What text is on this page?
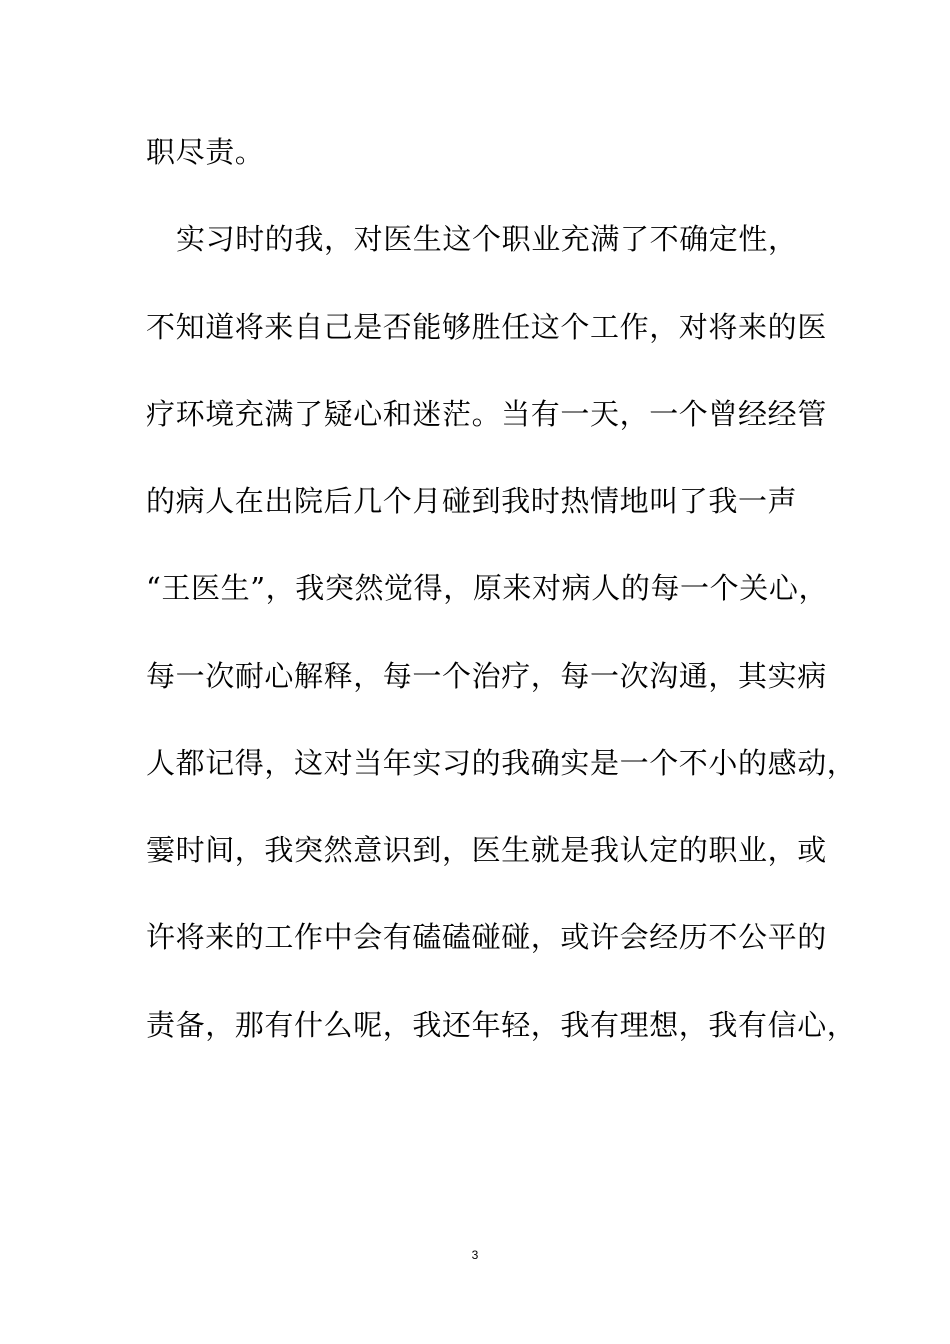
职尽责。
实习时的我，对医生这个职业充满了不确定性，
不知道将来自己是否能够胜任这个工作，对将来的医
疗环境充满了疑心和迷茫。当有一天，一个曾经经管
的病人在出院后几个月碰到我时热情地叫了我一声
“王医生”，我突然觉得，原来对病人的每一个关心，
每一次耐心解释，每一个治疗，每一次沟通，其实病
人都记得，这对当年实习的我确实是一个不小的感动，
霎时间，我突然意识到，医生就是我认定的职业，或
许将来的工作中会有磕磕碰碰，或许会经历不公平的
责备，那有什么呢，我还年轻，我有理想，我有信心，
3
